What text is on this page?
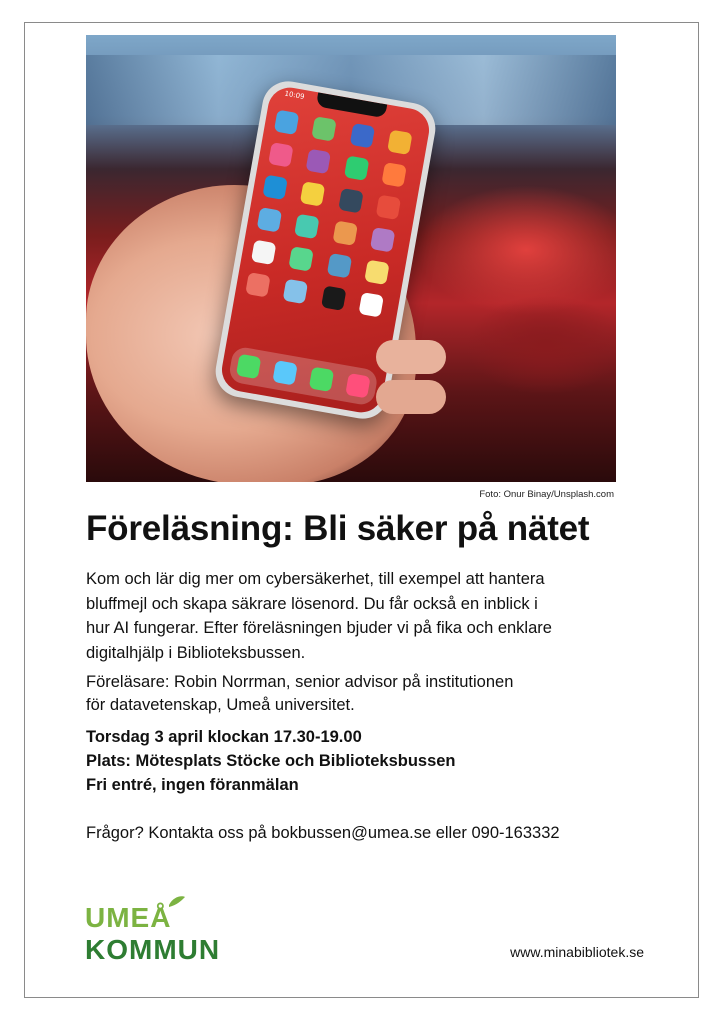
10:09
Foto: Onur Binay/Unsplash.com
Föreläsning: Bli säker på nätet

Kom och lär dig mer om cybersäkerhet, till exempel att hantera
bluffmejl och skapa säkrare lösenord. Du får också en inblick i
hur AI fungerar. Efter föreläsningen bjuder vi på fika och enklare
digitalhjälp i Biblioteksbussen.

Föreläsare: Robin Norrman, senior advisor på institutionen
för datavetenskap, Umeå universitet.

Torsdag 3 april klockan 17.30-19.00
Plats: Mötesplats Stöcke och Biblioteksbussen
Fri entré, ingen föranmälan

Frågor? Kontakta oss på bokbussen@umea.se eller 090-163332

UMEÅ
KOMMUN	www.minabibliotek.se
